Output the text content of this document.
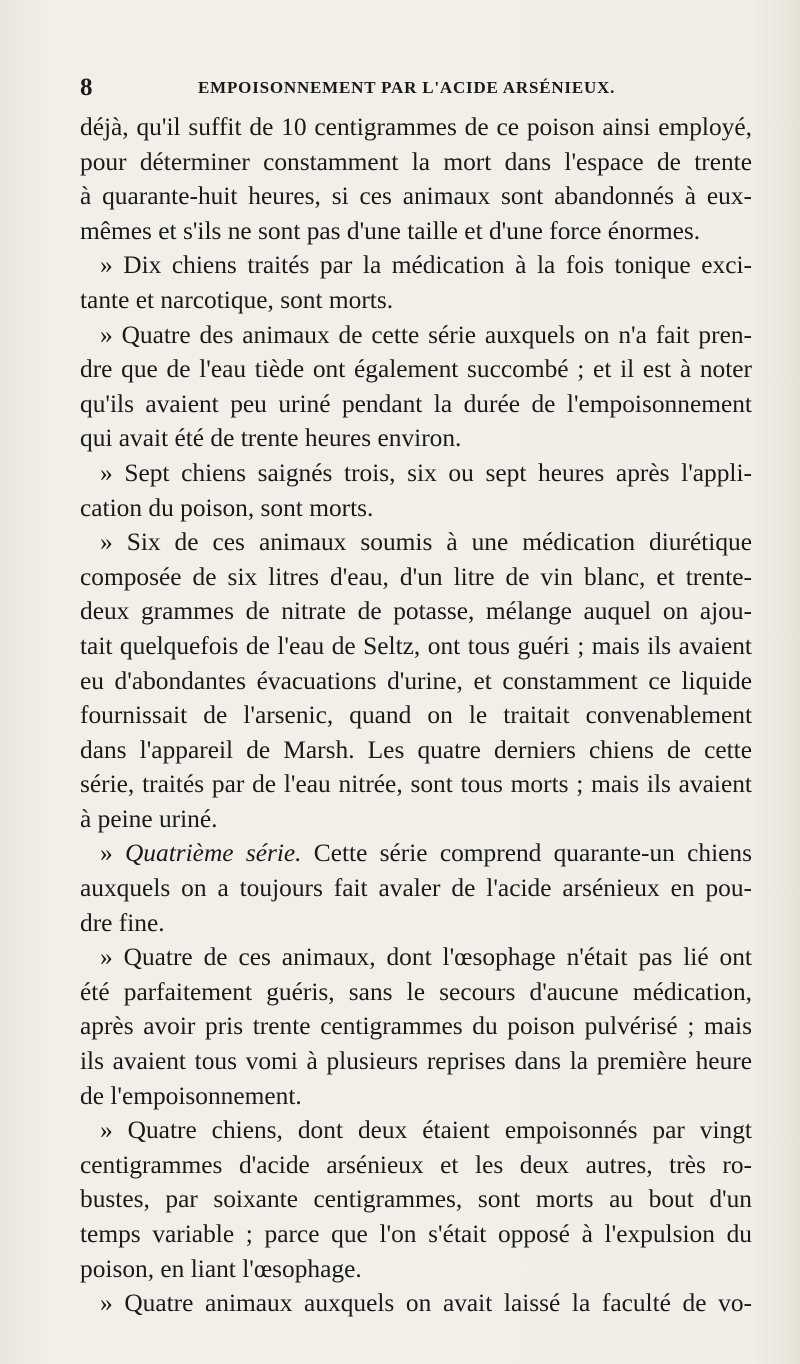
8	EMPOISONNEMENT PAR L'ACIDE ARSÉNIEUX.
déjà, qu'il suffit de 10 centigrammes de ce poison ainsi employé,
pour déterminer constamment la mort dans l'espace de trente
à quarante-huit heures, si ces animaux sont abandonnés à eux-
mêmes et s'ils ne sont pas d'une taille et d'une force énormes.
» Dix chiens traités par la médication à la fois tonique exci-
tante et narcotique, sont morts.
» Quatre des animaux de cette série auxquels on n'a fait pren-
dre que de l'eau tiède ont également succombé ; et il est à noter
qu'ils avaient peu uriné pendant la durée de l'empoisonnement
qui avait été de trente heures environ.
» Sept chiens saignés trois, six ou sept heures après l'appli-
cation du poison, sont morts.
» Six de ces animaux soumis à une médication diurétique
composée de six litres d'eau, d'un litre de vin blanc, et trente-
deux grammes de nitrate de potasse, mélange auquel on ajou-
tait quelquefois de l'eau de Seltz, ont tous guéri ; mais ils avaient
eu d'abondantes évacuations d'urine, et constamment ce liquide
fournissait de l'arsenic, quand on le traitait convenablement
dans l'appareil de Marsh. Les quatre derniers chiens de cette
série, traités par de l'eau nitrée, sont tous morts ; mais ils avaient
à peine uriné.
» Quatrième série. Cette série comprend quarante-un chiens
auxquels on a toujours fait avaler de l'acide arsénieux en pou-
dre fine.
» Quatre de ces animaux, dont l'œsophage n'était pas lié ont
été parfaitement guéris, sans le secours d'aucune médication,
après avoir pris trente centigrammes du poison pulvérisé ; mais
ils avaient tous vomi à plusieurs reprises dans la première heure
de l'empoisonnement.
» Quatre chiens, dont deux étaient empoisonnés par vingt
centigrammes d'acide arsénieux et les deux autres, très ro-
bustes, par soixante centigrammes, sont morts au bout d'un
temps variable ; parce que l'on s'était opposé à l'expulsion du
poison, en liant l'œsophage.
» Quatre animaux auxquels on avait laissé la faculté de vo-
